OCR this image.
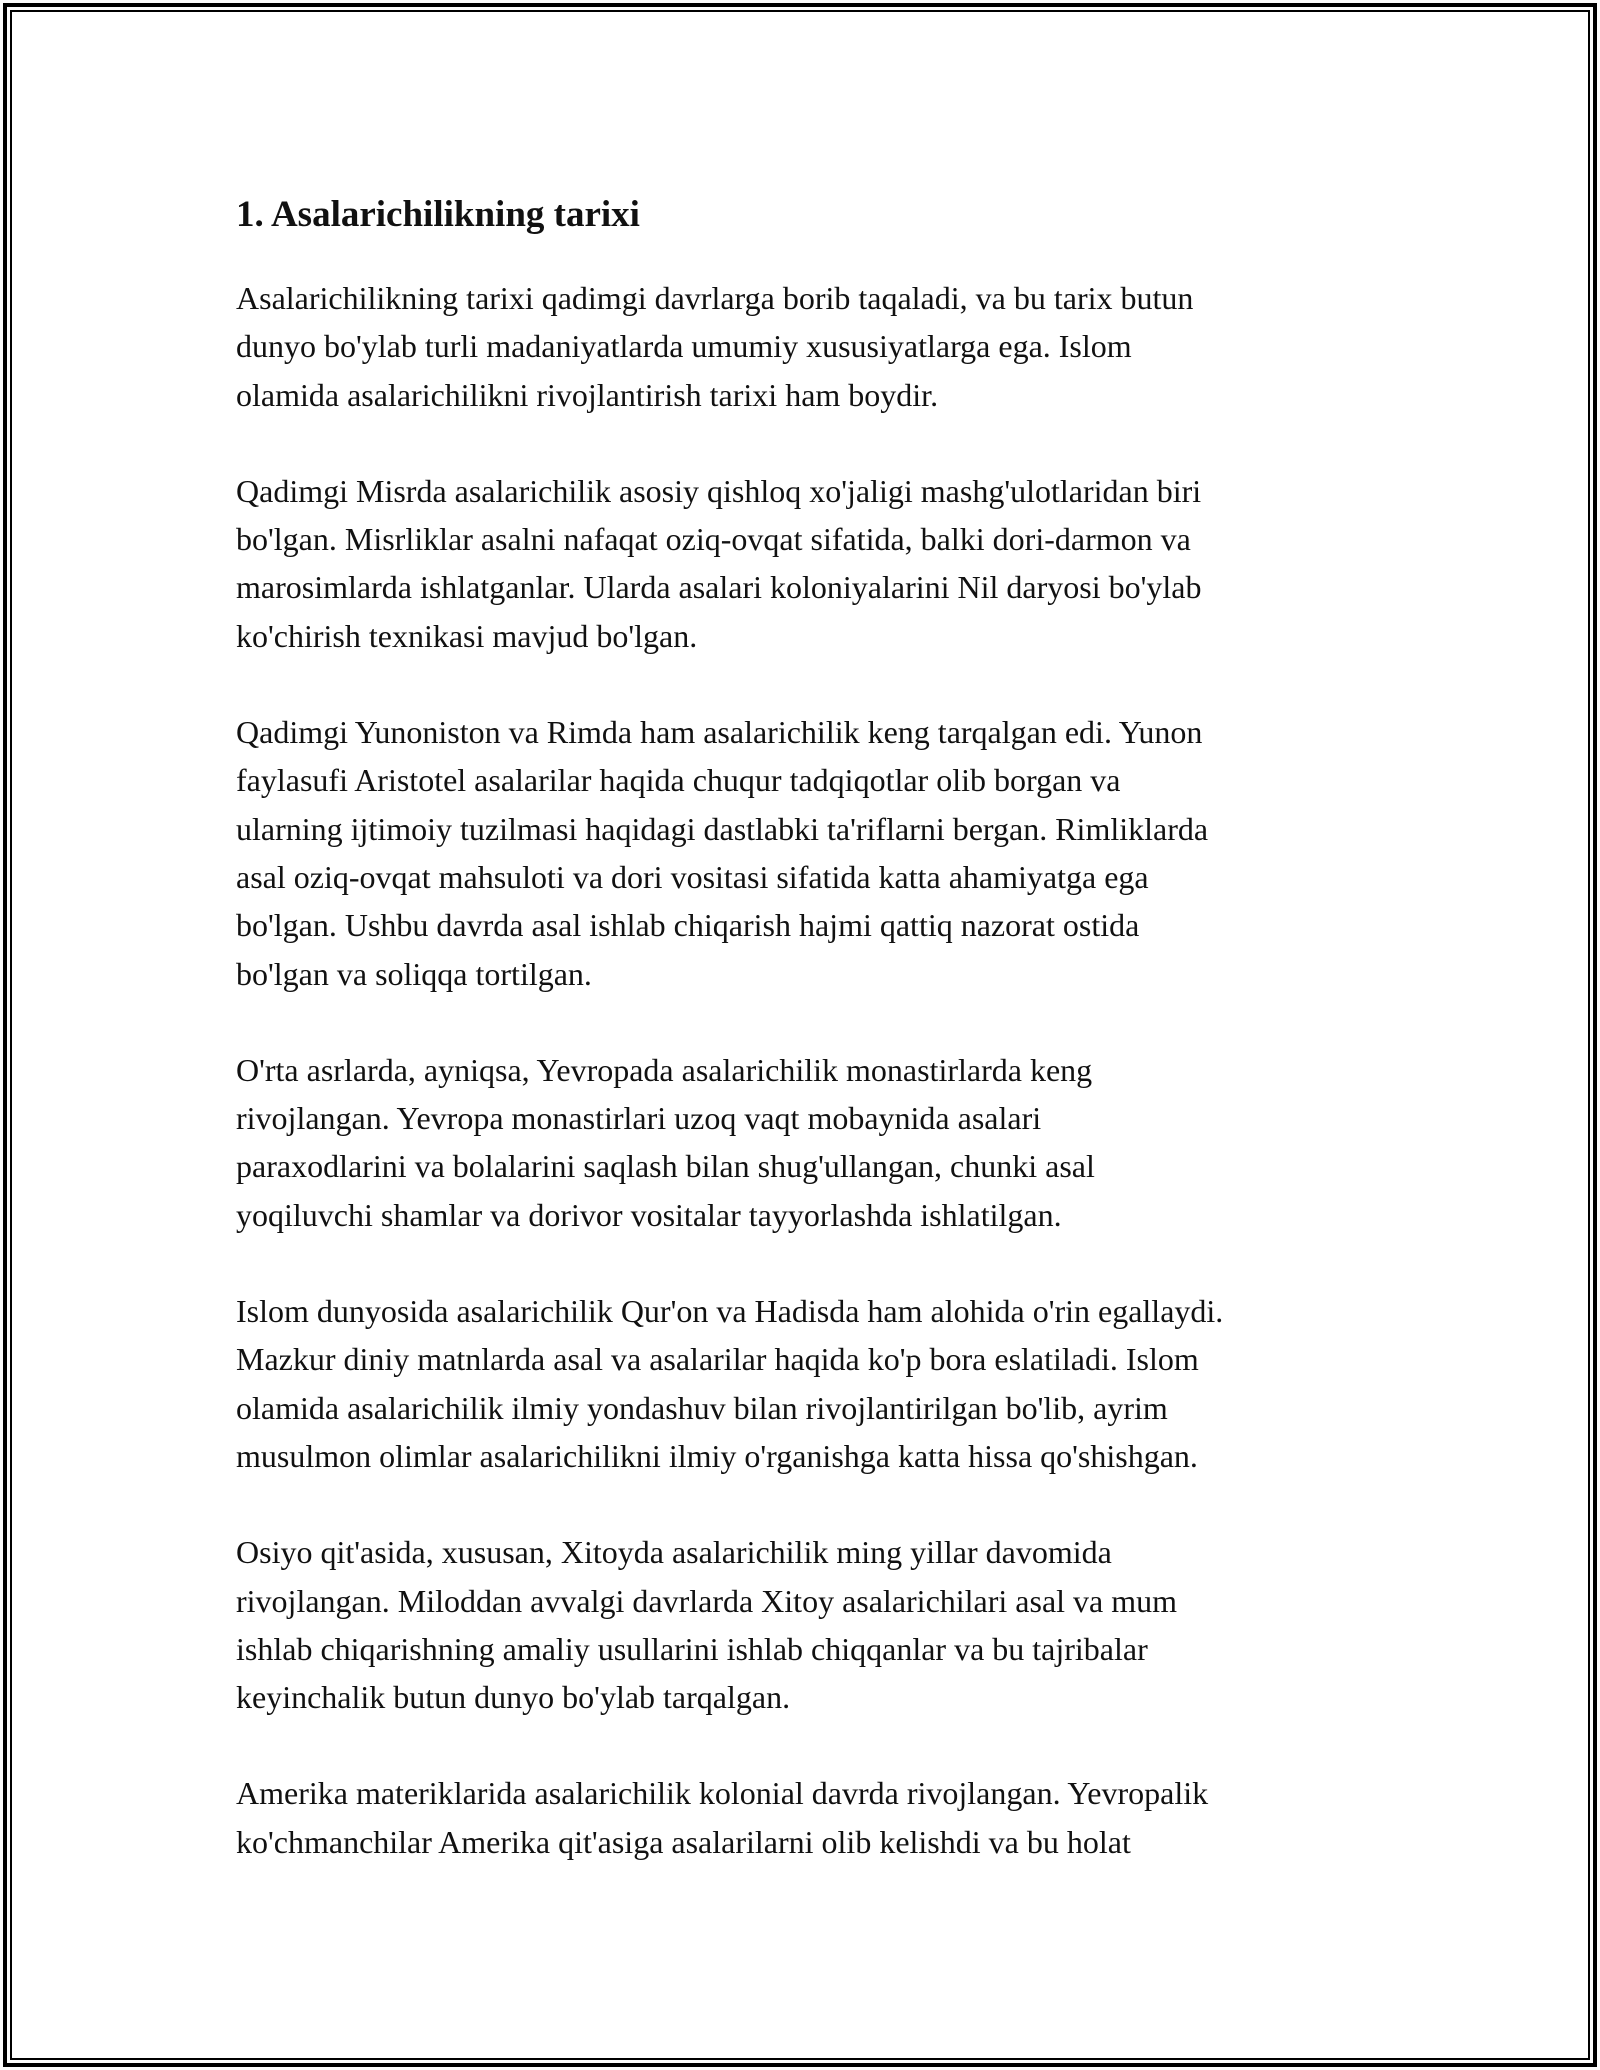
1. Asalarichilikning tarixi

Asalarichilikning tarixi qadimgi davrlarga borib taqaladi, va bu tarix butun
dunyo bo'ylab turli madaniyatlarda umumiy xususiyatlarga ega. Islom
olamida asalarichilikni rivojlantirish tarixi ham boydir.

Qadimgi Misrda asalarichilik asosiy qishloq xo'jaligi mashg'ulotlaridan biri
bo'lgan. Misrliklar asalni nafaqat oziq-ovqat sifatida, balki dori-darmon va
marosimlarda ishlatganlar. Ularda asalari koloniyalarini Nil daryosi bo'ylab
ko'chirish texnikasi mavjud bo'lgan.

Qadimgi Yunoniston va Rimda ham asalarichilik keng tarqalgan edi. Yunon
faylasufi Aristotel asalarilar haqida chuqur tadqiqotlar olib borgan va
ularning ijtimoiy tuzilmasi haqidagi dastlabki ta'riflarni bergan. Rimliklarda
asal oziq-ovqat mahsuloti va dori vositasi sifatida katta ahamiyatga ega
bo'lgan. Ushbu davrda asal ishlab chiqarish hajmi qattiq nazorat ostida
bo'lgan va soliqqa tortilgan.

O'rta asrlarda, ayniqsa, Yevropada asalarichilik monastirlarda keng
rivojlangan. Yevropa monastirlari uzoq vaqt mobaynida asalari
paraxodlarini va bolalarini saqlash bilan shug'ullangan, chunki asal
yoqiluvchi shamlar va dorivor vositalar tayyorlashda ishlatilgan.

Islom dunyosida asalarichilik Qur'on va Hadisda ham alohida o'rin egallaydi.
Mazkur diniy matnlarda asal va asalarilar haqida ko'p bora eslatiladi. Islom
olamida asalarichilik ilmiy yondashuv bilan rivojlantirilgan bo'lib, ayrim
musulmon olimlar asalarichilikni ilmiy o'rganishga katta hissa qo'shishgan.

Osiyo qit'asida, xususan, Xitoyda asalarichilik ming yillar davomida
rivojlangan. Miloddan avvalgi davrlarda Xitoy asalarichilari asal va mum
ishlab chiqarishning amaliy usullarini ishlab chiqqanlar va bu tajribalar
keyinchalik butun dunyo bo'ylab tarqalgan.

Amerika materiklarida asalarichilik kolonial davrda rivojlangan. Yevropalik
ko'chmanchilar Amerika qit'asiga asalarilarni olib kelishdi va bu holat
